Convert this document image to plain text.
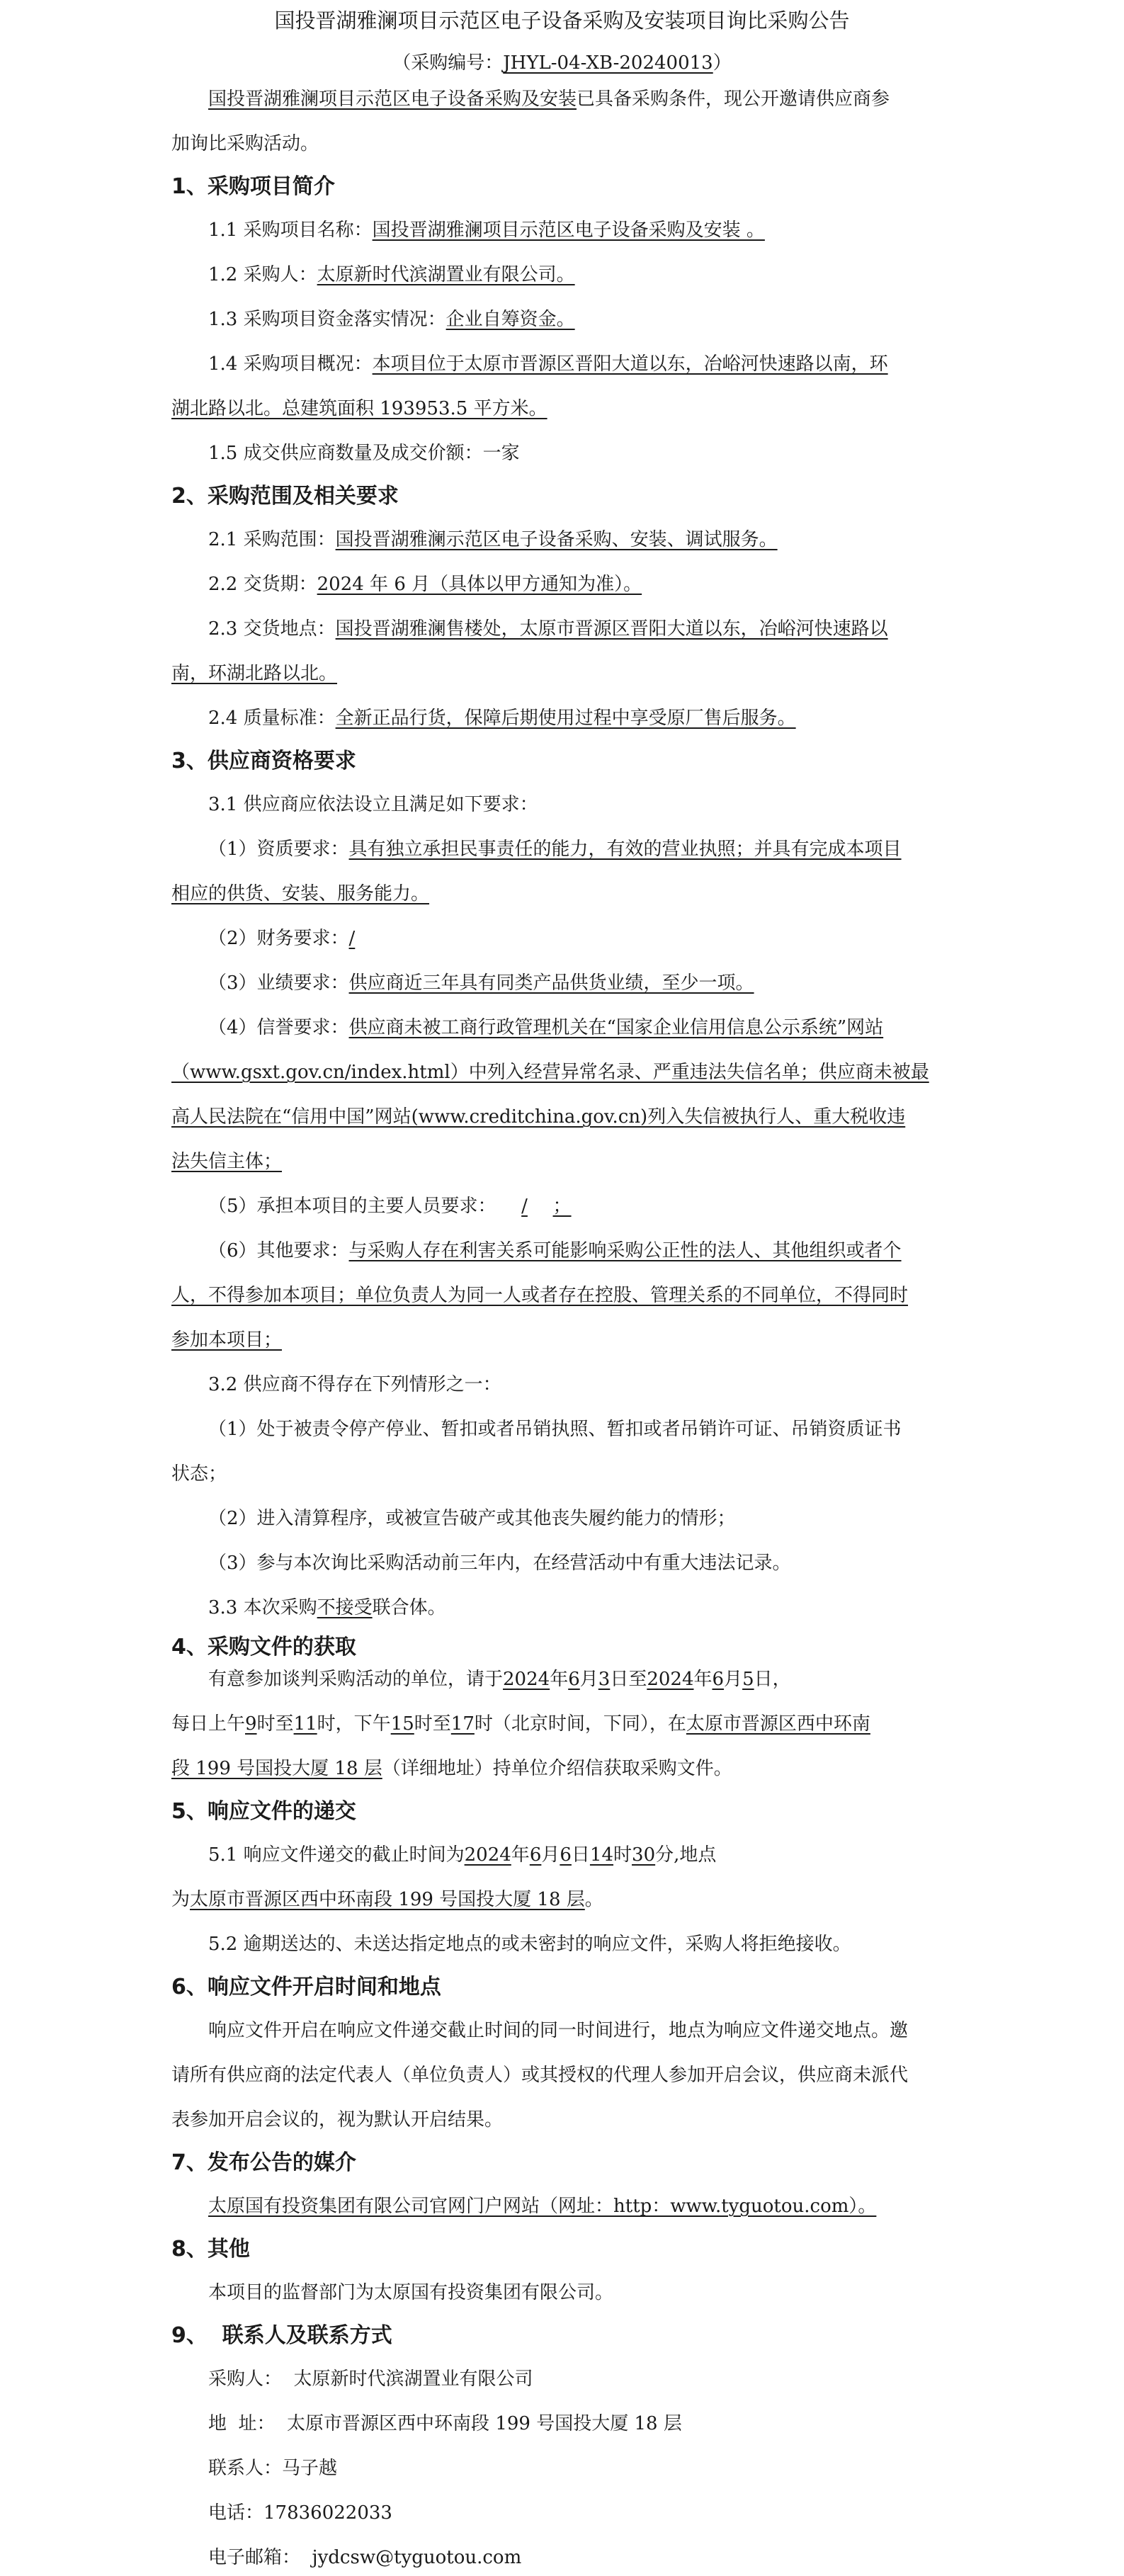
国投晋湖雅澜项目示范区电子设备采购及安装项目询比采购公告
（采购编号：JHYL-04-XB-20240013）
国投晋湖雅澜项目示范区电子设备采购及安装已具备采购条件，现公开邀请供应商参
加询比采购活动。
1、采购项目简介
1.1 采购项目名称：国投晋湖雅澜项目示范区电子设备采购及安装 。
1.2 采购人：太原新时代滨湖置业有限公司。
1.3 采购项目资金落实情况：企业自筹资金。
1.4 采购项目概况：本项目位于太原市晋源区晋阳大道以东，冶峪河快速路以南，环
湖北路以北。总建筑面积 193953.5 平方米。
1.5 成交供应商数量及成交价额：一家
2、采购范围及相关要求
2.1 采购范围：国投晋湖雅澜示范区电子设备采购、安装、调试服务。
2.2 交货期：2024 年 6 月（具体以甲方通知为准）。
2.3 交货地点：国投晋湖雅澜售楼处，太原市晋源区晋阳大道以东，冶峪河快速路以
南，环湖北路以北。
2.4 质量标准：全新正品行货，保障后期使用过程中享受原厂售后服务。
3、供应商资格要求
3.1 供应商应依法设立且满足如下要求：
（1）资质要求：具有独立承担民事责任的能力，有效的营业执照；并具有完成本项目
相应的供货、安装、服务能力。
（2）财务要求：/
（3）业绩要求：供应商近三年具有同类产品供货业绩，至少一项。
（4）信誉要求：供应商未被工商行政管理机关在“国家企业信用信息公示系统”网站
（www.gsxt.gov.cn/index.html）中列入经营异常名录、严重违法失信名单；供应商未被最
高人民法院在“信用中国”网站(www.creditchina.gov.cn)列入失信被执行人、重大税收违
法失信主体；
（5）承担本项目的主要人员要求： / ；
（6）其他要求：与采购人存在利害关系可能影响采购公正性的法人、其他组织或者个
人，不得参加本项目；单位负责人为同一人或者存在控股、管理关系的不同单位，不得同时
参加本项目；
3.2 供应商不得存在下列情形之一：
（1）处于被责令停产停业、暂扣或者吊销执照、暂扣或者吊销许可证、吊销资质证书
状态；
（2）进入清算程序，或被宣告破产或其他丧失履约能力的情形；
（3）参与本次询比采购活动前三年内，在经营活动中有重大违法记录。
3.3 本次采购不接受联合体。
4、采购文件的获取
有意参加谈判采购活动的单位，请于2024年6月3日至2024年6月5日，
每日上午9时至11时，下午15时至17时（北京时间，下同），在太原市晋源区西中环南
段 199 号国投大厦 18 层（详细地址）持单位介绍信获取采购文件。
5、响应文件的递交
5.1 响应文件递交的截止时间为2024年6月6日14时30分,地点
为太原市晋源区西中环南段 199 号国投大厦 18 层。
5.2 逾期送达的、未送达指定地点的或未密封的响应文件，采购人将拒绝接收。
6、响应文件开启时间和地点
响应文件开启在响应文件递交截止时间的同一时间进行，地点为响应文件递交地点。邀
请所有供应商的法定代表人（单位负责人）或其授权的代理人参加开启会议，供应商未派代
表参加开启会议的，视为默认开启结果。
7、发布公告的媒介
太原国有投资集团有限公司官网门户网站（网址：http：www.tyguotou.com）。
8、其他
本项目的监督部门为太原国有投资集团有限公司。
9、  联系人及联系方式
采购人：  太原新时代滨湖置业有限公司
地  址：  太原市晋源区西中环南段 199 号国投大厦 18 层
联系人：马子越
电话：17836022033
电子邮箱：  jydcsw@tyguotou.com
